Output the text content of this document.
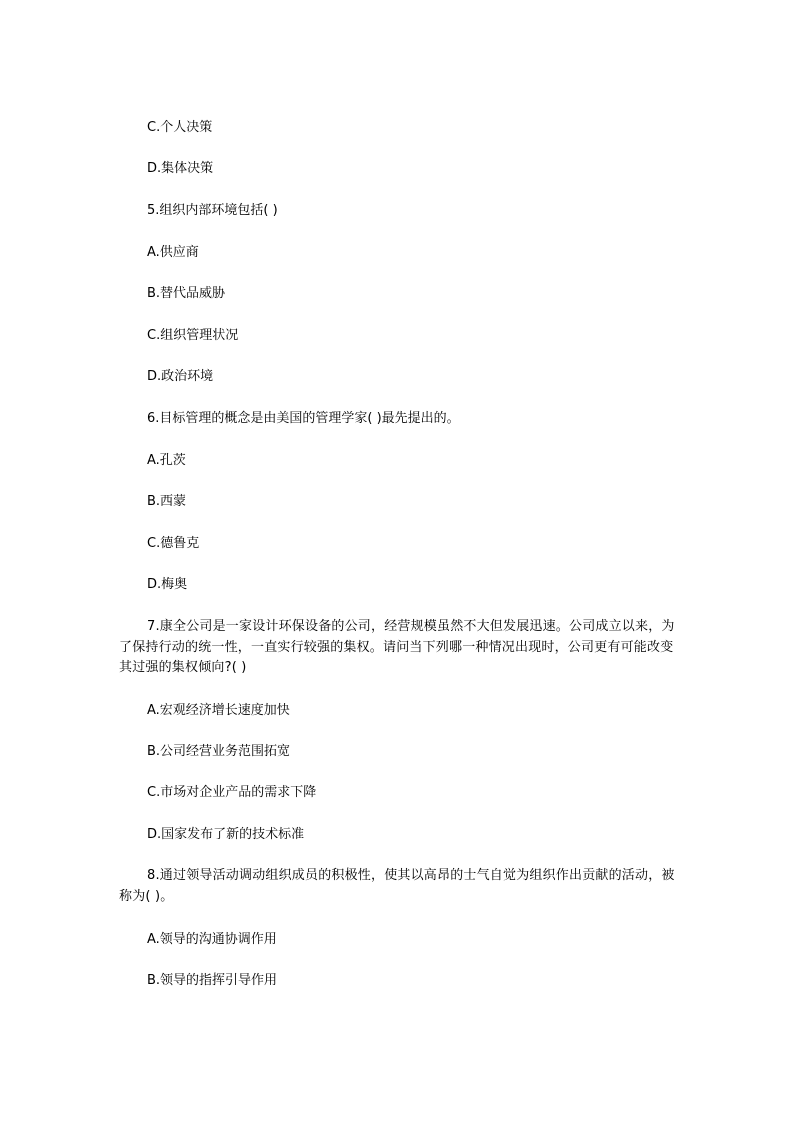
C.个人决策
D.集体决策
5.组织内部环境包括( )
A.供应商
B.替代品威胁
C.组织管理状况
D.政治环境
6.目标管理的概念是由美国的管理学家( )最先提出的。
A.孔茨
B.西蒙
C.德鲁克
D.梅奥
7.康全公司是一家设计环保设备的公司，经营规模虽然不大但发展迅速。公司成立以来，为了保持行动的统一性，一直实行较强的集权。请问当下列哪一种情况出现时，公司更有可能改变其过强的集权倾向?( )
A.宏观经济增长速度加快
B.公司经营业务范围拓宽
C.市场对企业产品的需求下降
D.国家发布了新的技术标准
8.通过领导活动调动组织成员的积极性，使其以高昂的士气自觉为组织作出贡献的活动，被称为( )。
A.领导的沟通协调作用
B.领导的指挥引导作用
